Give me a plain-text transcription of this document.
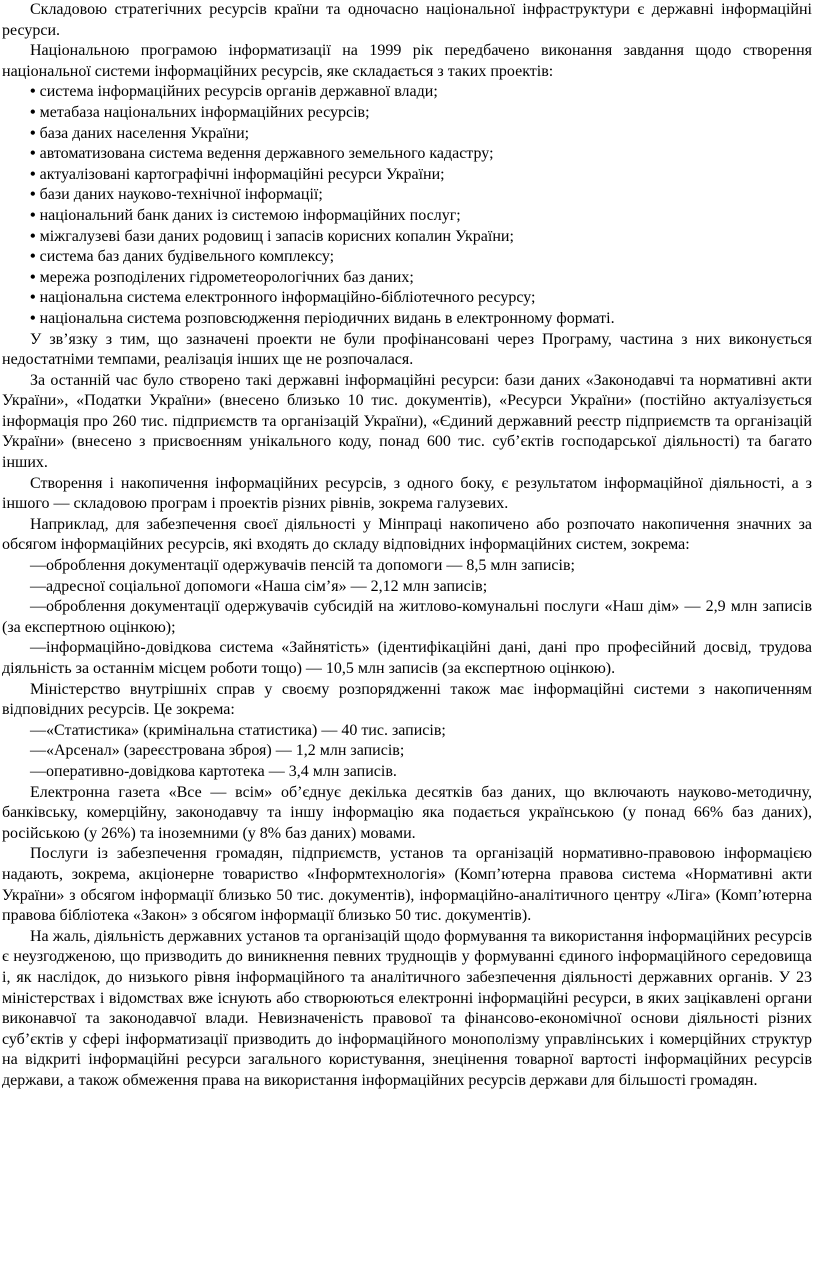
Складовою стратегічних ресурсів країни та одночасно національної інфраструктури є державні інформаційні ресурси.

Національною програмою інформатизації на 1999 рік передбачено виконання завдання щодо створення національної системи інформаційних ресурсів, яке складається з таких проектів:

• система інформаційних ресурсів органів державної влади;
• метабаза національних інформаційних ресурсів;
• база даних населення України;
• автоматизована система ведення державного земельного кадастру;
• актуалізовані картографічні інформаційні ресурси України;
• бази даних науково-технічної інформації;
• національний банк даних із системою інформаційних послуг;
• міжгалузеві бази даних родовищ і запасів корисних копалин України;
• система баз даних будівельного комплексу;
• мережа розподілених гідрометеорологічних баз даних;
• національна система електронного інформаційно-бібліотечного ресурсу;
• національна система розповсюдження періодичних видань в електронному форматі.

У зв’язку з тим, що зазначені проекти не були профінансовані через Програму, частина з них виконується недостатніми темпами, реалізація інших ще не розпочалася.

За останній час було створено такі державні інформаційні ресурси: бази даних «Законодавчі та нормативні акти України», «Податки України» (внесено близько 10 тис. документів), «Ресурси України» (постійно актуалізується інформація про 260 тис. підприємств та організацій України), «Єдиний державний реєстр підприємств та організацій України» (внесено з присвоєнням унікального коду, понад 600 тис. суб’єктів господарської діяльності) та багато інших.

Створення і накопичення інформаційних ресурсів, з одного боку, є результатом інформаційної діяльності, а з іншого — складовою програм і проектів різних рівнів, зокрема галузевих.

Наприклад, для забезпечення своєї діяльності у Мінпраці накопичено або розпочато накопичення значних за обсягом інформаційних ресурсів, які входять до складу відповідних інформаційних систем, зокрема:

— оброблення документації одержувачів пенсій та допомоги — 8,5 млн записів;

— адресної соціальної допомоги «Наша сім’я» — 2,12 млн записів;

— оброблення документації одержувачів субсидій на житлово-комунальні послуги «Наш дім» — 2,9 млн записів (за експертною оцінкою);

— інформаційно-довідкова система «Зайнятість» (ідентифікаційні дані, дані про професійний досвід, трудова діяльність за останнім місцем роботи тощо) — 10,5 млн записів (за експертною оцінкою).

Міністерство внутрішніх справ у своєму розпорядженні також має інформаційні системи з накопиченням відповідних ресурсів. Це зокрема:

— «Статистика» (кримінальна статистика) — 40 тис. записів;

— «Арсенал» (зареєстрована зброя) — 1,2 млн записів;

— оперативно-довідкова картотека — 3,4 млн записів.

Електронна газета «Все — всім» об’єднує декілька десятків баз даних, що включають науково-методичну, банківську, комерційну, законодавчу та іншу інформацію яка подається українською (у понад 66% баз даних), російською (у 26%) та іноземними (у 8% баз даних) мовами.

Послуги із забезпечення громадян, підприємств, установ та організацій нормативно-правовою інформацією надають, зокрема, акціонерне товариство «Інформтехнологія» (Комп’ютерна правова система «Нормативні акти України» з обсягом інформації близько 50 тис. документів), інформаційно-аналітичного центру «Ліга» (Комп’ютерна правова бібліотека «Закон» з обсягом інформації близько 50 тис. документів).

На жаль, діяльність державних установ та організацій щодо формування та використання інформаційних ресурсів є неузгодженою, що призводить до виникнення певних труднощів у формуванні єдиного інформаційного середовища і, як наслідок, до низького рівня інформаційного та аналітичного забезпечення діяльності державних органів. У 23 міністерствах і відомствах вже існують або створюються електронні інформаційні ресурси, в яких зацікавлені органи виконавчої та законодавчої влади. Невизначеність правової та фінансово-економічної основи діяльності різних суб’єктів у сфері інформатизації призводить до інформаційного монополізму управлінських і комерційних структур на відкриті інформаційні ресурси загального користування, знецінення товарної вартості інформаційних ресурсів держави, а також обмеження права на використання інформаційних ресурсів держави для більшості громадян.
